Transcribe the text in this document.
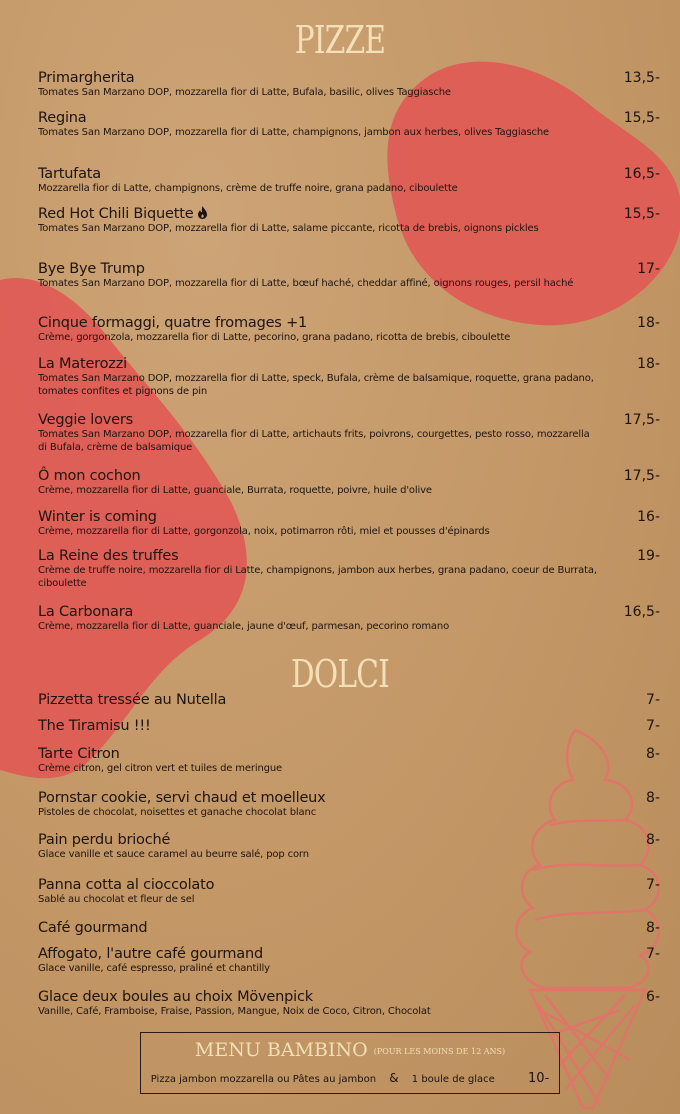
PIZZE
DOLCI
Primargherita
Tomates San Marzano DOP, mozzarella fior di Latte, Bufala, basilic, olives Taggiasche
13,5-
Regina
Tomates San Marzano DOP, mozzarella fior di Latte, champignons, jambon aux herbes, olives Taggiasche
15,5-
Tartufata
Mozzarella fior di Latte, champignons, crème de truffe noire, grana padano, ciboulette
16,5-
Red Hot Chili Biquette
Tomates San Marzano DOP, mozzarella fior di Latte, salame piccante, ricotta de brebis, oignons pickles
15,5-
Bye Bye Trump
Tomates San Marzano DOP, mozzarella fior di Latte, bœuf haché, cheddar affiné, oignons rouges, persil haché
17-
Cinque formaggi, quatre fromages +1
Crème, gorgonzola, mozzarella fior di Latte, pecorino, grana padano, ricotta de brebis, ciboulette
18-
La Materozzi
Tomates San Marzano DOP, mozzarella fior di Latte, speck, Bufala, crème de balsamique, roquette, grana padano, tomates confites et pignons de pin
18-
Veggie lovers
Tomates San Marzano DOP, mozzarella fior di Latte, artichauts frits, poivrons, courgettes, pesto rosso, mozzarella di Bufala, crème de balsamique
17,5-
Ô mon cochon
Crème, mozzarella fior di Latte, guanciale, Burrata, roquette, poivre, huile d'olive
17,5-
Winter is coming
Crème, mozzarella fior di Latte, gorgonzola, noix, potimarron rôti, miel et pousses d'épinards
16-
La Reine des truffes
Crème de truffe noire, mozzarella fior di Latte, champignons, jambon aux herbes, grana padano, coeur de Burrata, ciboulette
19-
La Carbonara
Crème, mozzarella fior di Latte, guanciale, jaune d'œuf, parmesan, pecorino romano
16,5-
Pizzetta tressée au Nutella	7-
The Tiramisu !!!	7-
Tarte Citron
Crème citron, gel citron vert et tuiles de meringue
8-
Pornstar cookie, servi chaud et moelleux
Pistoles de chocolat, noisettes et ganache chocolat blanc
8-
Pain perdu brioché
Glace vanille et sauce caramel au beurre salé, pop corn
8-
Panna cotta al cioccolato
Sablé au chocolat et fleur de sel
7-
Café gourmand	8-
Affogato, l'autre café gourmand
Glace vanille, café espresso, praliné et chantilly
7-
Glace deux boules au choix Mövenpick
Vanille, Café, Framboise, Fraise, Passion, Mangue, Noix de Coco, Citron, Chocolat
6-
MENU BAMBINO (POUR LES MOINS DE 12 ANS)
Pizza jambon mozzarella ou Pâtes au jambon & 1 boule de glace	10-
